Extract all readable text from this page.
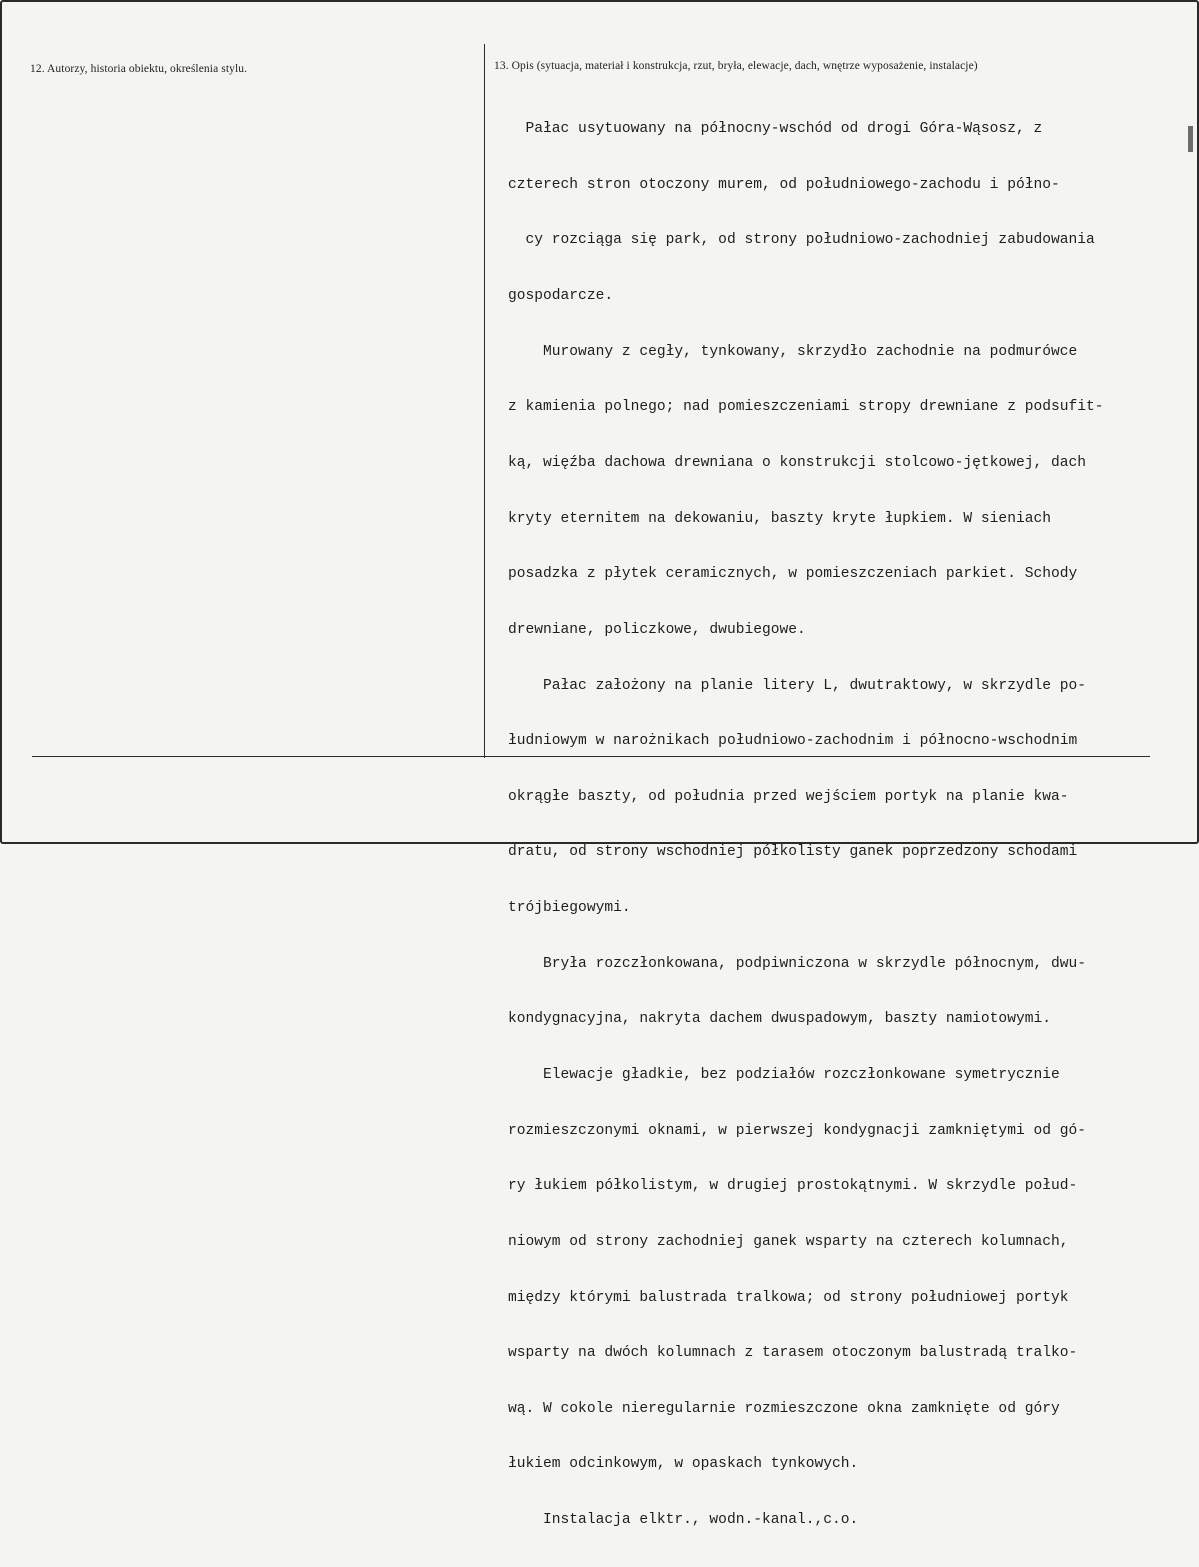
12. Autorzy, historia obiektu, określenia stylu.	13. Opis (sytuacja, materiał i konstrukcja, rzut, bryła, elewacje, dach, wnętrze wyposażenie, instalacje)

Pałac usytuowany na północny-wschód od drogi Góra-Wąsosz, z

czterech stron otoczony murem, od południowego-zachodu i półno-

cy rozciąga się park, od strony południowo-zachodniej zabudowania

gospodarcze.

Murowany z cegły, tynkowany, skrzydło zachodnie na podmurówce

z kamienia polnego; nad pomieszczeniami stropy drewniane z podsufit-

ką, więźba dachowa drewniana o konstrukcji stolcowo-jętkowej, dach

kryty eternitem na dekowaniu, baszty kryte łupkiem. W sieniach

posadzka z płytek ceramicznych, w pomieszczeniach parkiet. Schody

drewniane, policzkowe, dwubiegowe.

Pałac założony na planie litery L, dwutraktowy, w skrzydle po-

łudniowym w narożnikach południowo-zachodnim i północno-wschodnim

okrągłe baszty, od południa przed wejściem portyk na planie kwa-

dratu, od strony wschodniej półkolisty ganek poprzedzony schodami

trójbiegowymi.

Bryła rozczłonkowana, podpiwniczona w skrzydle północnym, dwu-

kondygnacyjna, nakryta dachem dwuspadowym, baszty namiotowymi.

Elewacje gładkie, bez podziałów rozczłonkowane symetrycznie

rozmieszczonymi oknami, w pierwszej kondygnacji zamkniętymi od gó-

ry łukiem półkolistym, w drugiej prostokątnymi. W skrzydle połud-

niowym od strony zachodniej ganek wsparty na czterech kolumnach,

między którymi balustrada tralkowa; od strony południowej portyk

wsparty na dwóch kolumnach z tarasem otoczonym balustradą tralko-

wą. W cokole nieregularnie rozmieszczone okna zamknięte od góry

łukiem odcinkowym, w opaskach tynkowych.

Instalacja elktr., wodn.-kanal.,c.o.
